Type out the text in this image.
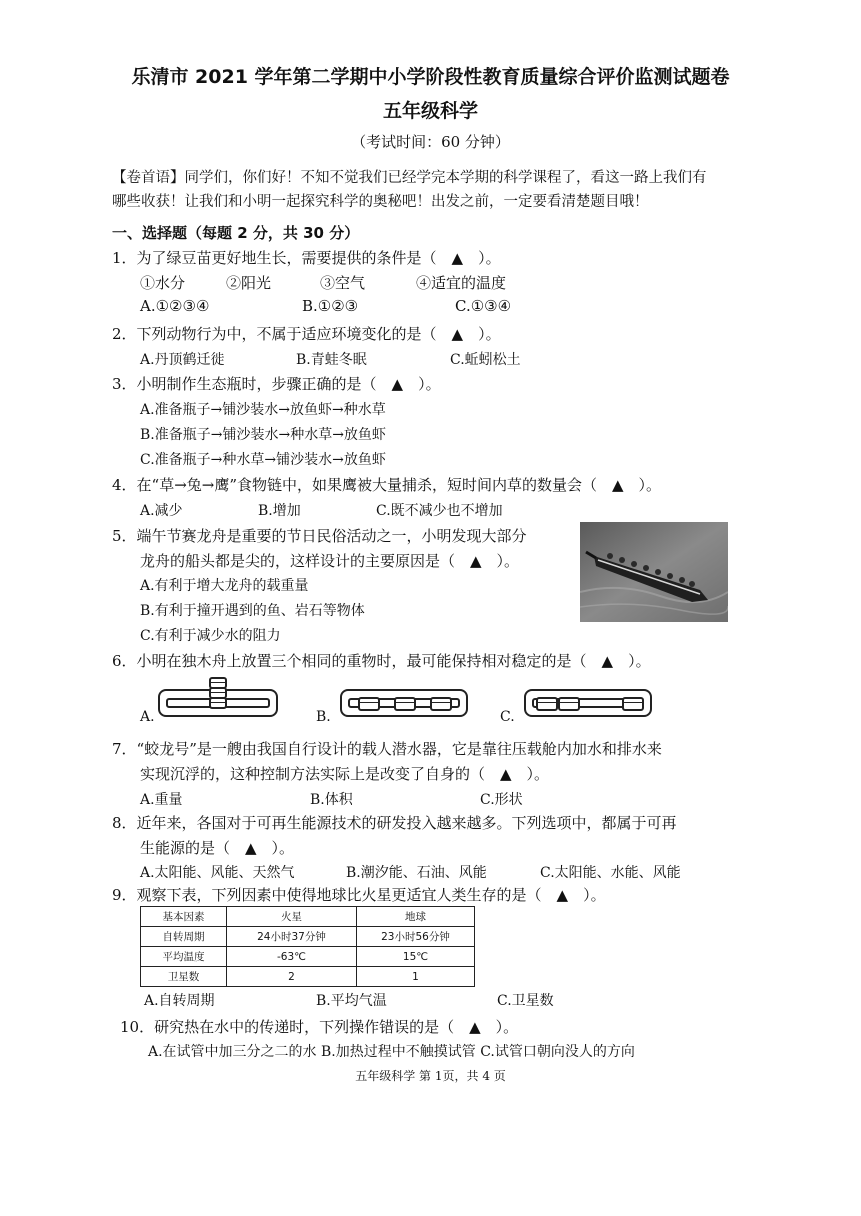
乐清市 2021 学年第二学期中小学阶段性教育质量综合评价监测试题卷
五年级科学
（考试时间：60 分钟）
【卷首语】同学们，你们好！不知不觉我们已经学完本学期的科学课程了，看这一路上我们有
哪些收获！让我们和小明一起探究科学的奥秘吧！出发之前，一定要看清楚题目哦！
一、选择题（每题 2 分，共 30 分）
1．为了绿豆苗更好地生长，需要提供的条件是（　▲　）。
①水分	②阳光	③空气	④适宜的温度
A.①②③④	B.①②③	C.①③④
2．下列动物行为中，不属于适应环境变化的是（　▲　）。
A.丹顶鹤迁徙	B.青蛙冬眠	C.蚯蚓松土
3．小明制作生态瓶时，步骤正确的是（　▲　）。
A.准备瓶子→铺沙装水→放鱼虾→种水草
B.准备瓶子→铺沙装水→种水草→放鱼虾
C.准备瓶子→种水草→铺沙装水→放鱼虾
4．在“草→兔→鹰”食物链中，如果鹰被大量捕杀，短时间内草的数量会（　▲　）。
A.减少	B.增加	C.既不减少也不增加
5．端午节赛龙舟是重要的节日民俗活动之一，小明发现大部分
龙舟的船头都是尖的，这样设计的主要原因是（　▲　）。
A.有利于增大龙舟的载重量
B.有利于撞开遇到的鱼、岩石等物体
C.有利于减少水的阻力
6．小明在独木舟上放置三个相同的重物时，最可能保持相对稳定的是（　▲　）。
A.	B.	C.
7．“蛟龙号”是一艘由我国自行设计的载人潜水器，它是靠往压载舱内加水和排水来
实现沉浮的，这种控制方法实际上是改变了自身的（　▲　）。
A.重量	B.体积	C.形状
8．近年来，各国对于可再生能源技术的研发投入越来越多。下列选项中，都属于可再
生能源的是（　▲　）。
A.太阳能、风能、天然气	B.潮汐能、石油、风能	C.太阳能、水能、风能
9．观察下表，下列因素中使得地球比火星更适宜人类生存的是（　▲　）。
基本因素	火星	地球
自转周期	24小时37分钟	23小时56分钟
平均温度	-63℃	15℃
卫星数	2	1
A.自转周期	B.平均气温	C.卫星数
10．研究热在水中的传递时，下列操作错误的是（　▲　）。
A.在试管中加三分之二的水 B.加热过程中不触摸试管 C.试管口朝向没人的方向
五年级科学 第 1页，共 4 页
